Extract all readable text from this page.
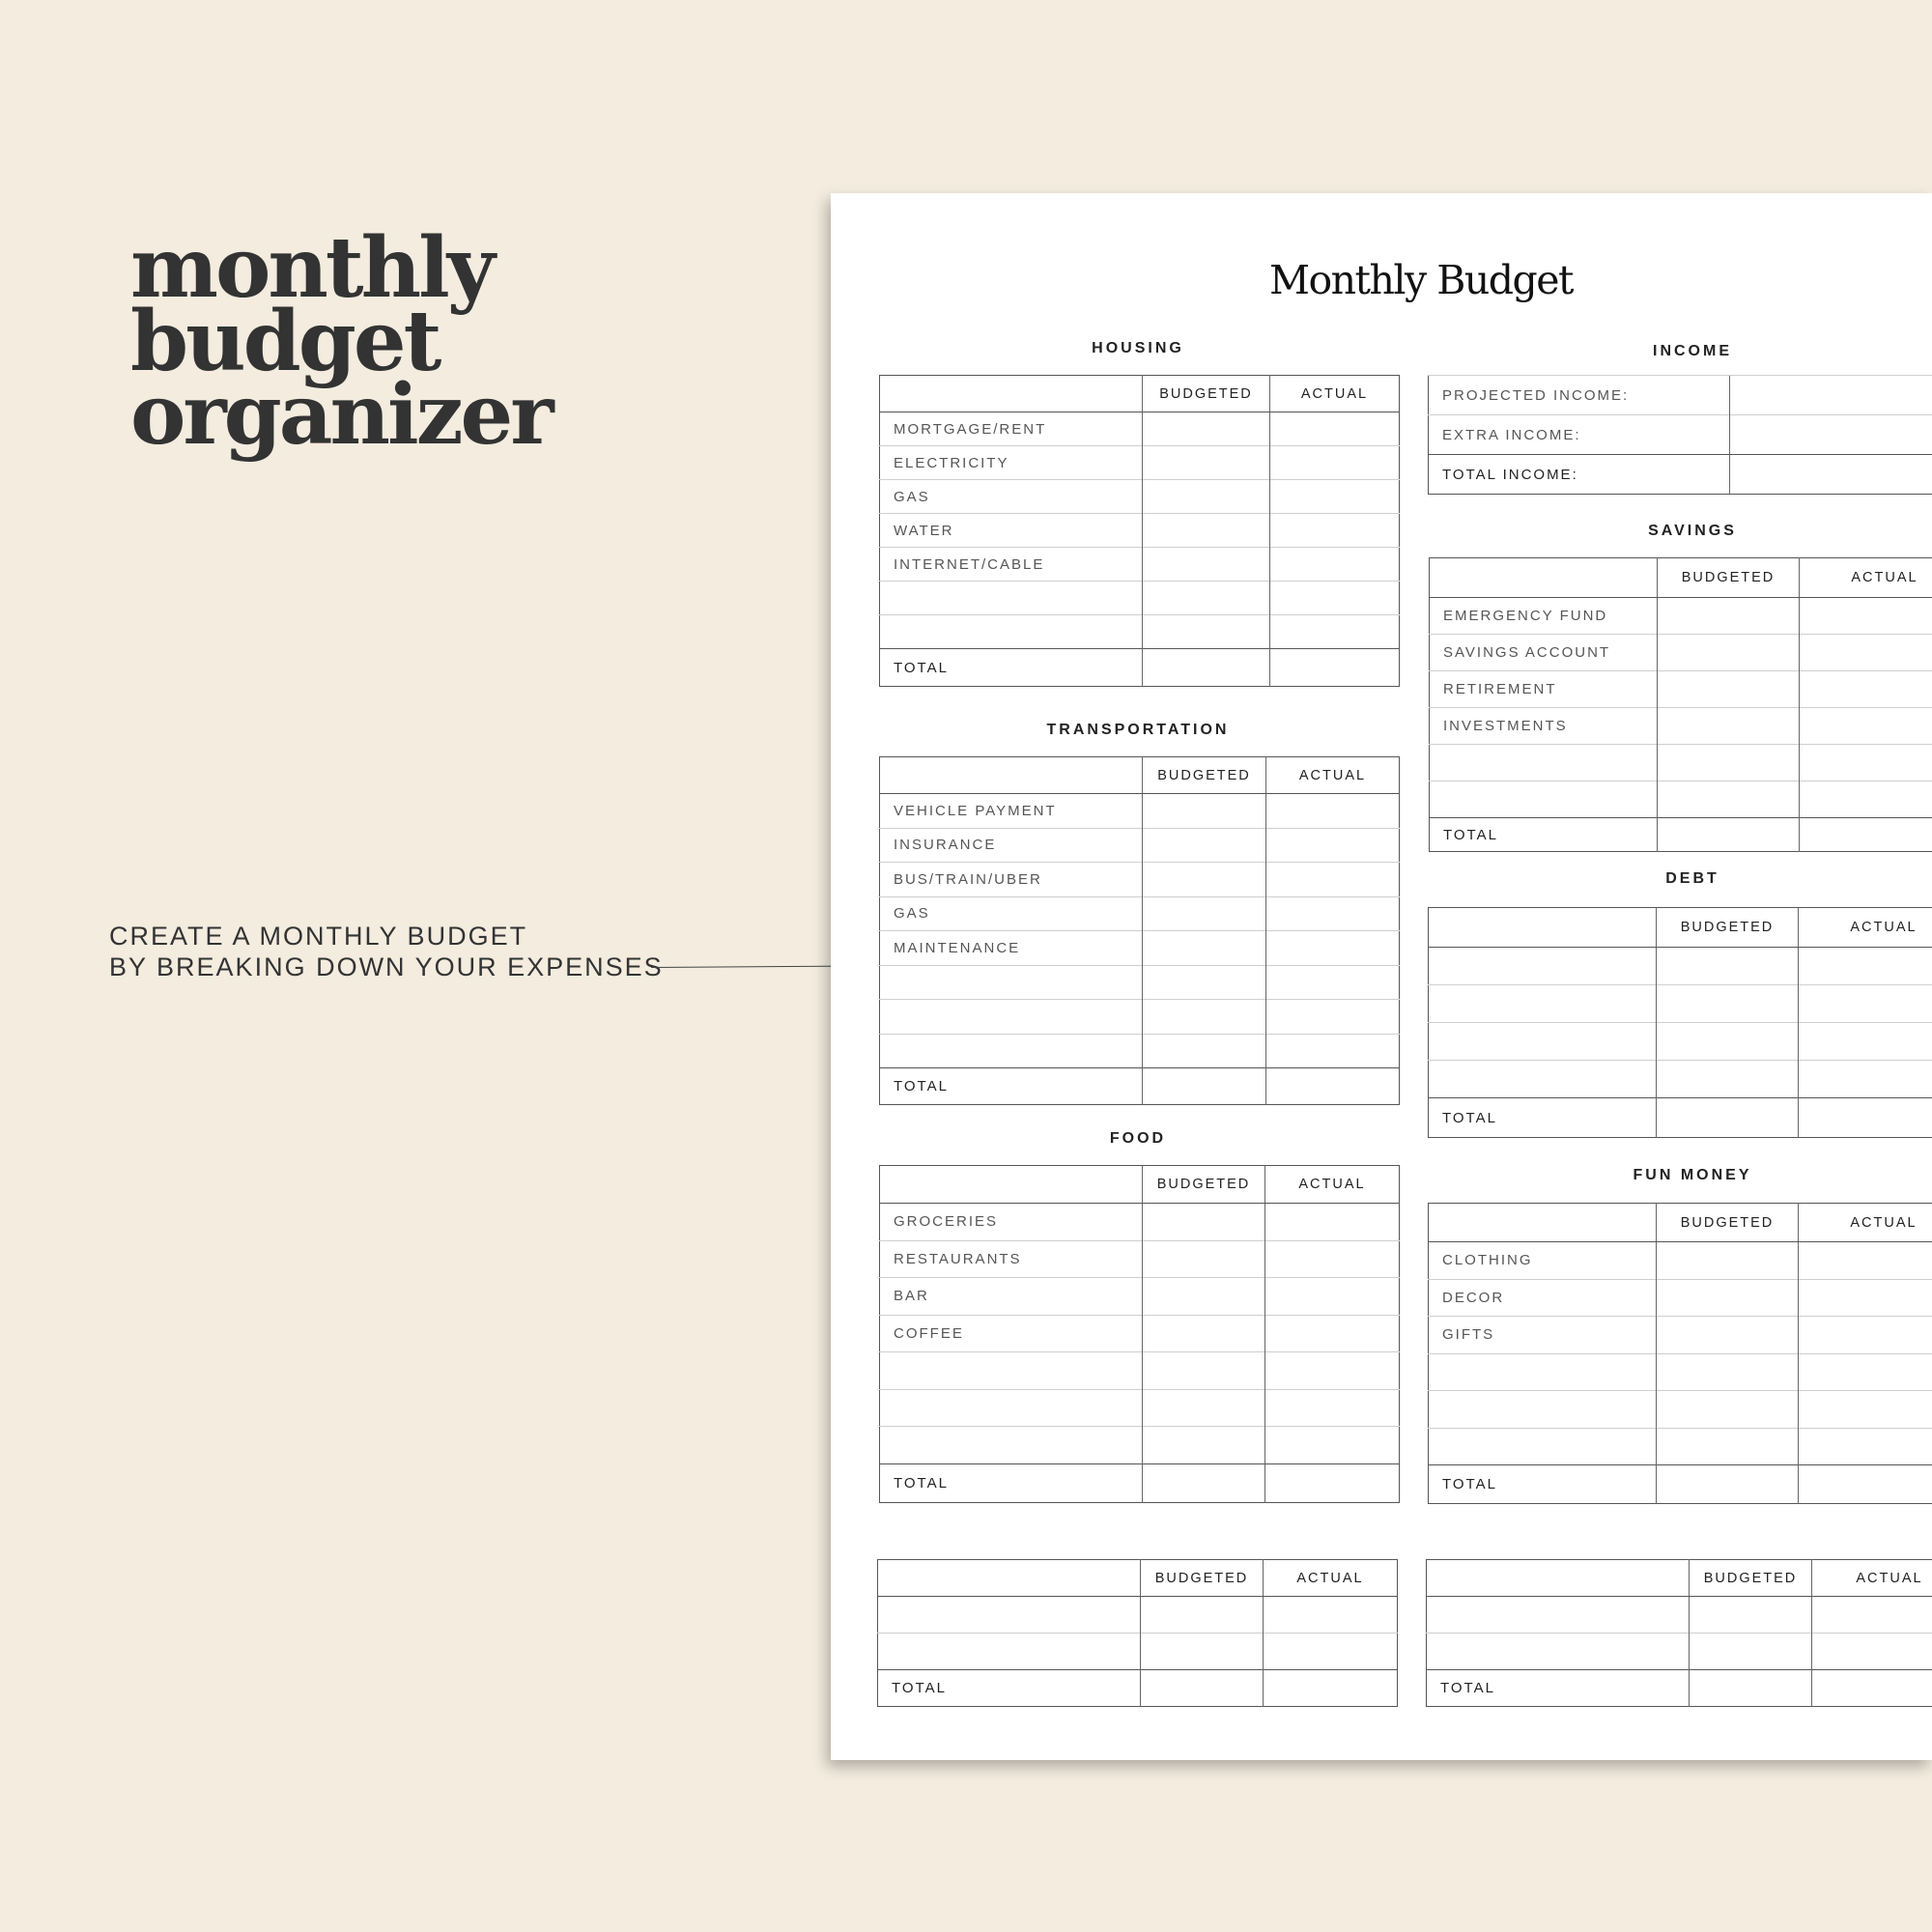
monthly
budget
organizer
CREATE A MONTHLY BUDGET
BY BREAKING DOWN YOUR EXPENSES
Monthly Budget
HOUSING
TRANSPORTATION
FOOD
INCOME
SAVINGS
DEBT
FUN MONEY
	BUDGETED	ACTUAL
MORTGAGE/RENT		
ELECTRICITY		
GAS		
WATER		
INTERNET/CABLE		

TOTAL		
	BUDGETED	ACTUAL
VEHICLE PAYMENT		
INSURANCE		
BUS/TRAIN/UBER		
GAS		
MAINTENANCE		

TOTAL		
	BUDGETED	ACTUAL
GROCERIES		
RESTAURANTS		
BAR		
COFFEE		

TOTAL		
	BUDGETED	ACTUAL

TOTAL		
PROJECTED INCOME:	
EXTRA INCOME:	
TOTAL INCOME:	
	BUDGETED	ACTUAL
EMERGENCY FUND		
SAVINGS ACCOUNT		
RETIREMENT		
INVESTMENTS		

TOTAL		
	BUDGETED	ACTUAL

TOTAL		
	BUDGETED	ACTUAL
CLOTHING		
DECOR		
GIFTS		

TOTAL		
	BUDGETED	ACTUAL

TOTAL		
